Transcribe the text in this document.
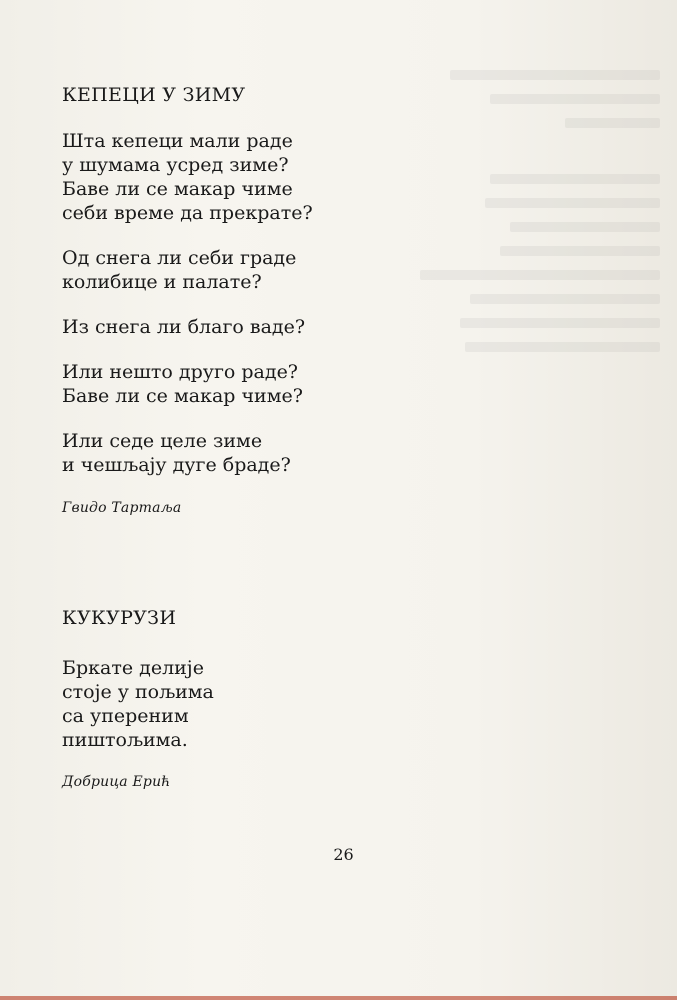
КЕПЕЦИ У ЗИМУ
Шта кепеци мали раде
у шумама усред зиме?
Баве ли се макар чиме
себи време да прекрате?
Од снега ли себи граде
колибице и палате?
Из снега ли благо ваде?
Или нешто друго раде?
Баве ли се макар чиме?
Или седе целе зиме
и чешљају дуге браде?
Гвидо Тартаља
КУКУРУЗИ
Бркате делије
стоје у пољима
са упереним
пиштољима.
Добрица Ерић
26
